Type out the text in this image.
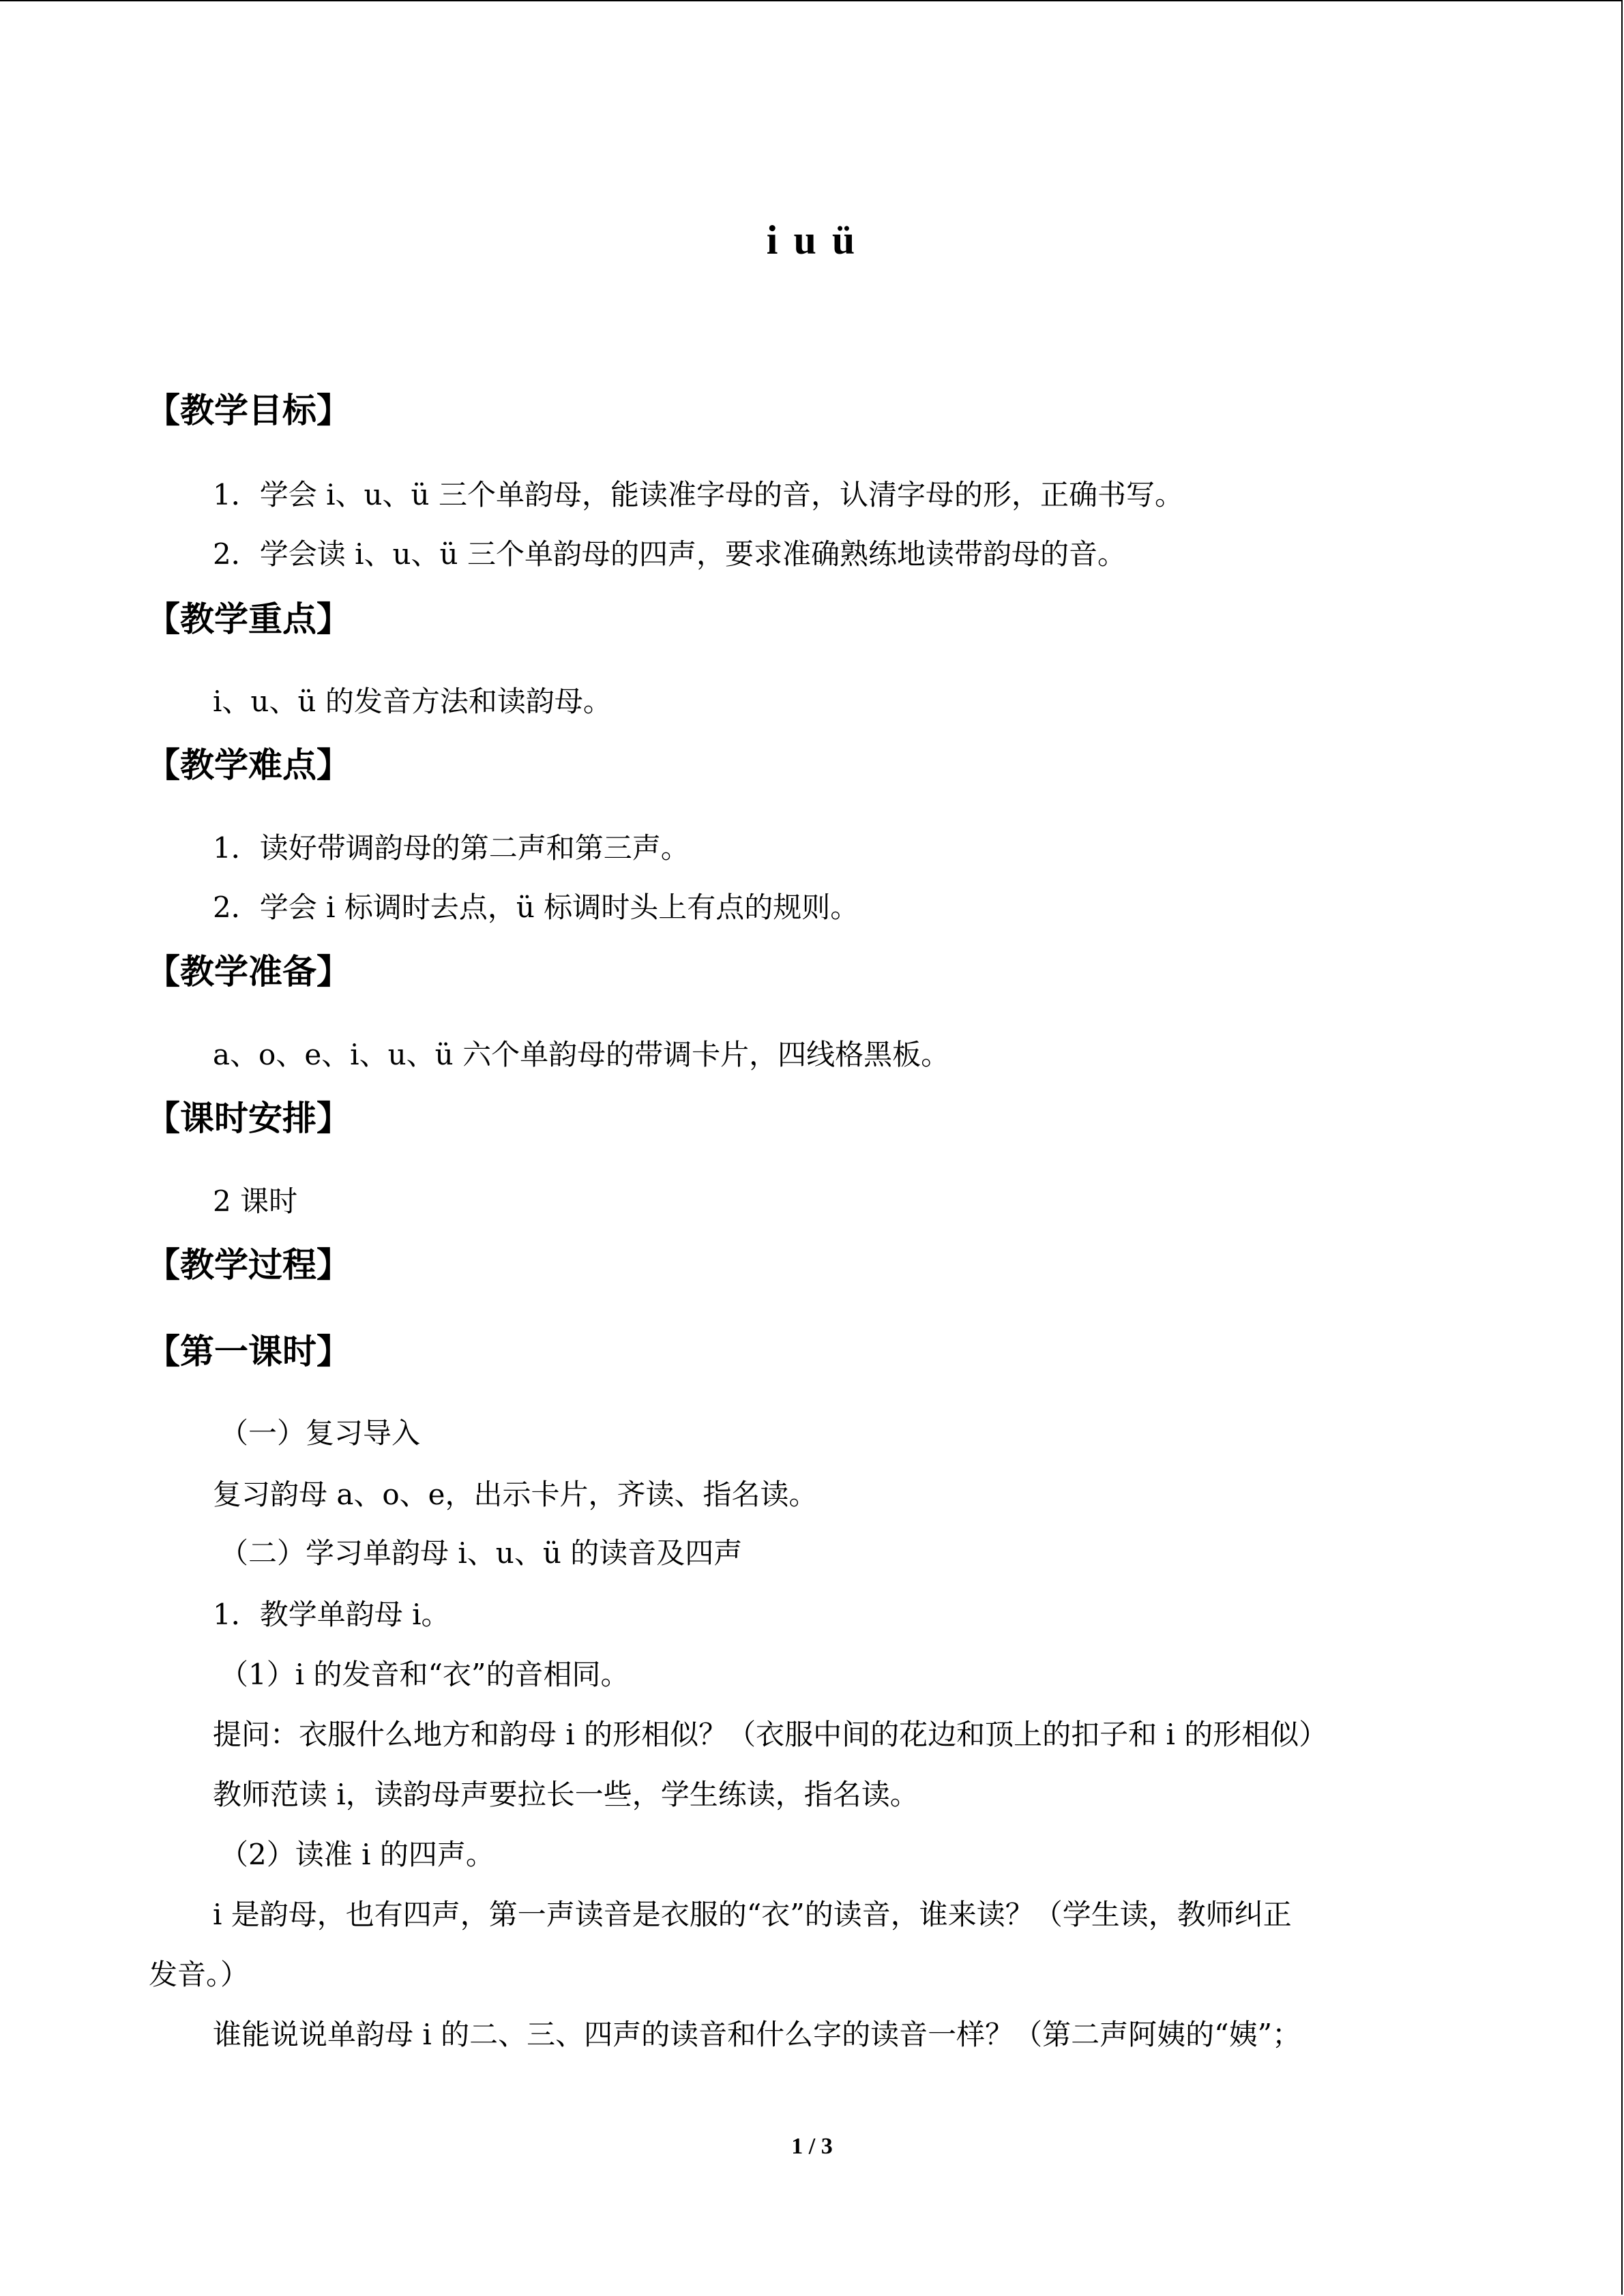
i u ü
【教学目标】
1．学会 i、u、ü 三个单韵母，能读准字母的音，认清字母的形，正确书写。
2．学会读 i、u、ü 三个单韵母的四声，要求准确熟练地读带韵母的音。
【教学重点】
i、u、ü 的发音方法和读韵母。
【教学难点】
1．读好带调韵母的第二声和第三声。
2．学会 i 标调时去点，ü 标调时头上有点的规则。
【教学准备】
a、o、e、i、u、ü 六个单韵母的带调卡片，四线格黑板。
【课时安排】
2 课时
【教学过程】
【第一课时】
（一）复习导入
复习韵母 a、o、e，出示卡片，齐读、指名读。
（二）学习单韵母 i、u、ü 的读音及四声
1．教学单韵母 i。
（1）i 的发音和“衣”的音相同。
提问：衣服什么地方和韵母 i 的形相似？（衣服中间的花边和顶上的扣子和 i 的形相似）
教师范读 i，读韵母声要拉长一些，学生练读，指名读。
（2）读准 i 的四声。
i 是韵母，也有四声，第一声读音是衣服的“衣”的读音，谁来读？（学生读，教师纠正
发音。）
谁能说说单韵母 i 的二、三、四声的读音和什么字的读音一样？（第二声阿姨的“姨”；
1 / 3
